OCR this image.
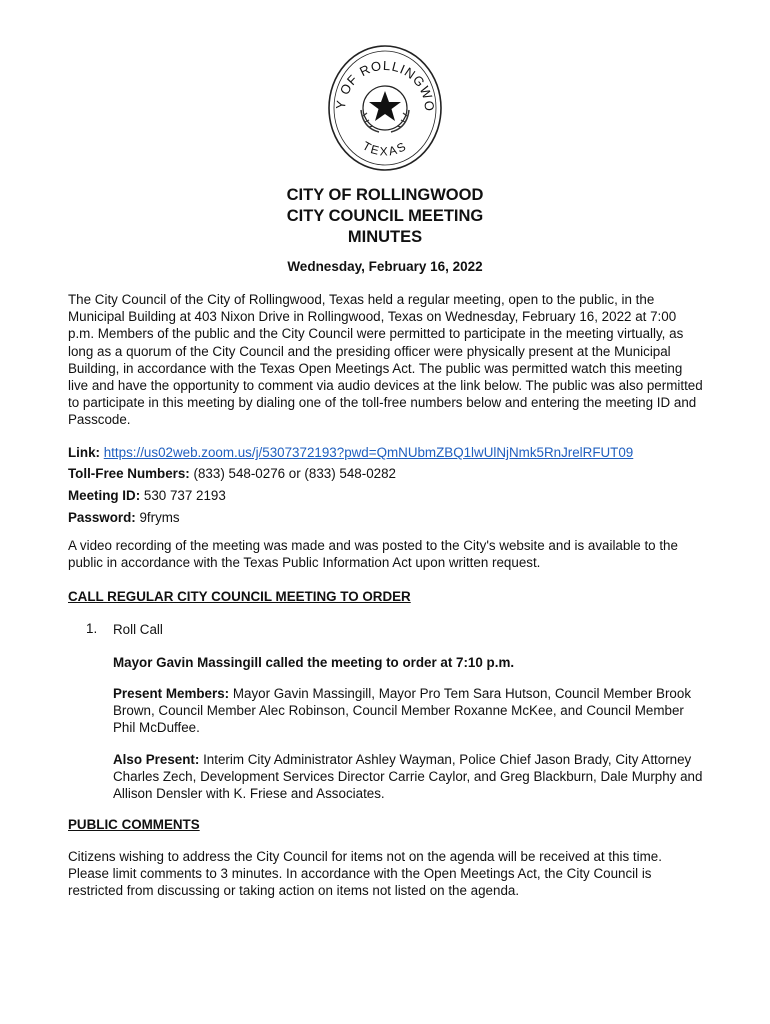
Y OF ROLLINGWO
TEXAS
CITY OF ROLLINGWOOD
CITY COUNCIL MEETING
MINUTES
Wednesday, February 16, 2022
The City Council of the City of Rollingwood, Texas held a regular meeting, open to the public, in the Municipal Building at 403 Nixon Drive in Rollingwood, Texas on Wednesday, February 16, 2022 at 7:00 p.m. Members of the public and the City Council were permitted to participate in the meeting virtually, as long as a quorum of the City Council and the presiding officer were physically present at the Municipal Building, in accordance with the Texas Open Meetings Act. The public was permitted watch this meeting live and have the opportunity to comment via audio devices at the link below. The public was also permitted to participate in this meeting by dialing one of the toll-free numbers below and entering the meeting ID and Passcode.
Link: https://us02web.zoom.us/j/5307372193?pwd=QmNUbmZBQ1lwUlNjNmk5RnJrelRFUT09
Toll-Free Numbers: (833) 548-0276 or (833) 548-0282
Meeting ID: 530 737 2193
Password: 9fryms
A video recording of the meeting was made and was posted to the City's website and is available to the public in accordance with the Texas Public Information Act upon written request.
CALL REGULAR CITY COUNCIL MEETING TO ORDER
1. Roll Call
Mayor Gavin Massingill called the meeting to order at 7:10 p.m.
Present Members: Mayor Gavin Massingill, Mayor Pro Tem Sara Hutson, Council Member Brook Brown, Council Member Alec Robinson, Council Member Roxanne McKee, and Council Member Phil McDuffee.
Also Present: Interim City Administrator Ashley Wayman, Police Chief Jason Brady, City Attorney Charles Zech, Development Services Director Carrie Caylor, and Greg Blackburn, Dale Murphy and Allison Densler with K. Friese and Associates.
PUBLIC COMMENTS
Citizens wishing to address the City Council for items not on the agenda will be received at this time. Please limit comments to 3 minutes. In accordance with the Open Meetings Act, the City Council is restricted from discussing or taking action on items not listed on the agenda.
